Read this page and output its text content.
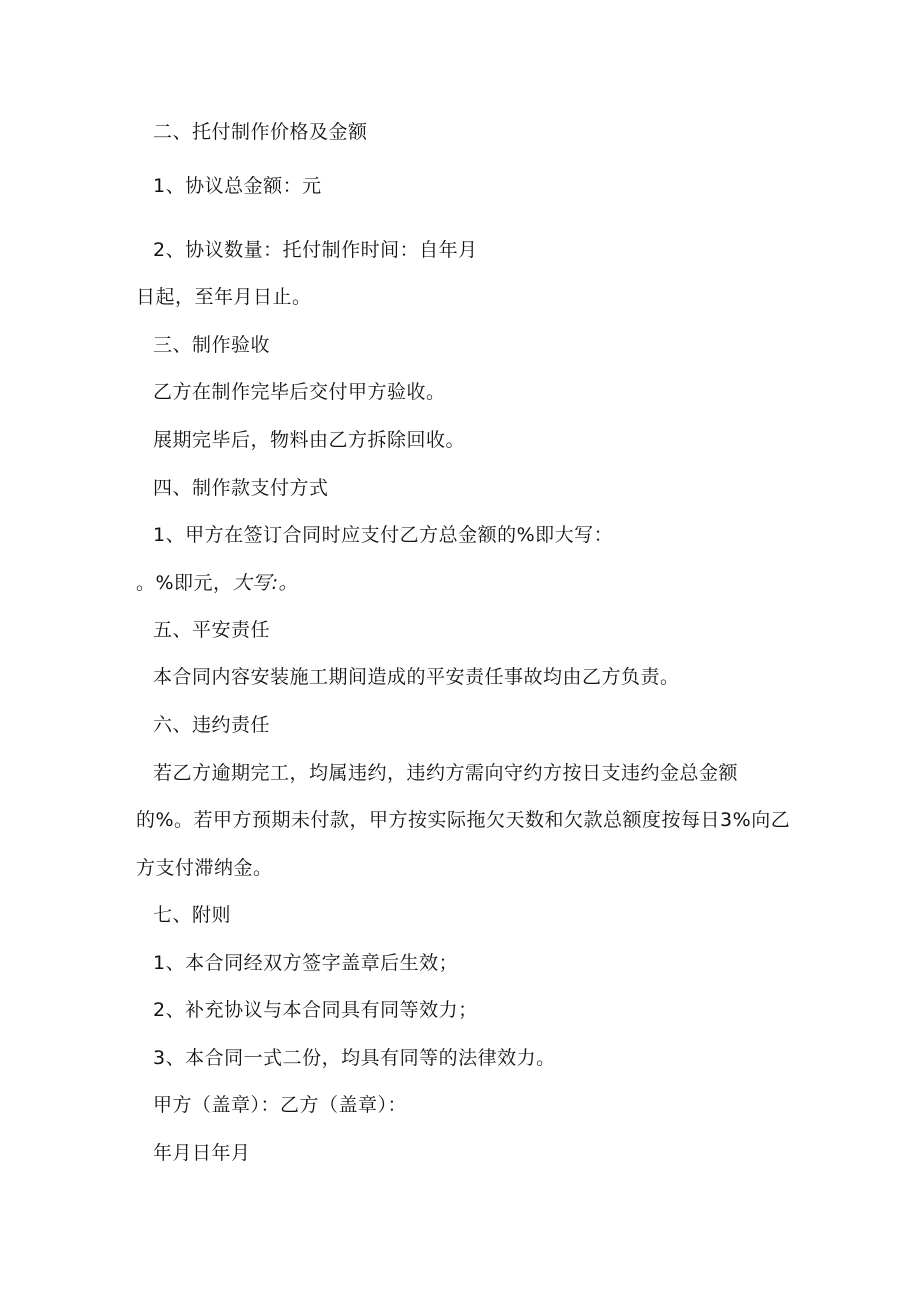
二、托付制作价格及金额
1、协议总金额：元
2、协议数量：托付制作时间：自年月
日起，至年月日止。
三、制作验收
乙方在制作完毕后交付甲方验收。
展期完毕后，物料由乙方拆除回收。
四、制作款支付方式
1、甲方在签订合同时应支付乙方总金额的%即大写：
。%即元，大写:。
五、平安责任
本合同内容安装施工期间造成的平安责任事故均由乙方负责。
六、违约责任
若乙方逾期完工，均属违约，违约方需向守约方按日支违约金总金额
的%。若甲方预期未付款，甲方按实际拖欠天数和欠款总额度按每日3%向乙
方支付滞纳金。
七、附则
1、本合同经双方签字盖章后生效；
2、补充协议与本合同具有同等效力；
3、本合同一式二份，均具有同等的法律效力。
甲方（盖章）：乙方（盖章）：
年月日年月
